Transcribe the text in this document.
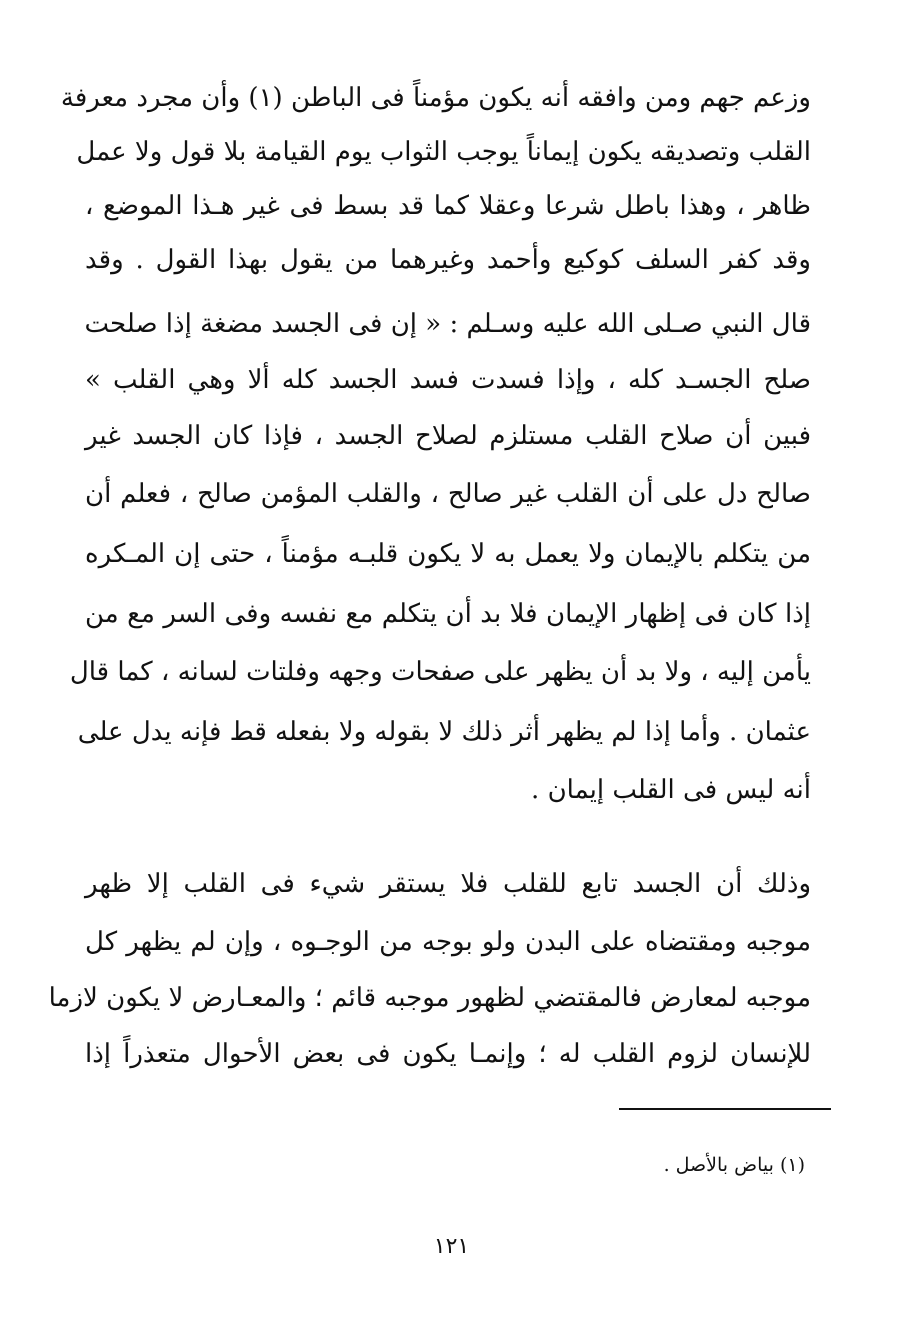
وزعم جهم ومن وافقه أنه يكون مؤمناً فى الباطن (١) وأن مجرد معرفة
القلب وتصديقه يكون إيماناً يوجب الثواب يوم القيامة بلا قول ولا عمل
ظاهر ، وهذا باطل شرعا وعقلا كما قد بسط فى غير هـذا الموضع ،
وقد كفر السلف كوكيع وأحمد وغيرهما من يقول بهذا القول . وقد
قال النبي صـلى الله عليه وسـلم : « إن فى الجسد مضغة إذا صلحت
صلح الجسـد كله ، وإذا فسدت فسد الجسد كله ألا وهي القلب »
فبين أن صلاح القلب مستلزم لصلاح الجسد ، فإذا كان الجسد غير
صالح دل على أن القلب غير صالح ، والقلب المؤمن صالح ، فعلم أن
من يتكلم بالإيمان ولا يعمل به لا يكون قلبـه مؤمناً ، حتى إن المـكره
إذا كان فى إظهار الإيمان فلا بد أن يتكلم مع نفسه وفى السر مع من
يأمن إليه ، ولا بد أن يظهر على صفحات وجهه وفلتات لسانه ، كما قال
عثمان . وأما إذا لم يظهر أثر ذلك لا بقوله ولا بفعله قط فإنه يدل على
أنه ليس فى القلب إيمان .
وذلك أن الجسد تابع للقلب فلا يستقر شيء فى القلب إلا ظهر
موجبه ومقتضاه على البدن ولو بوجه من الوجـوه ، وإن لم يظهر كل
موجبه لمعارض فالمقتضي لظهور موجبه قائم ؛ والمعـارض لا يكون لازما
للإنسان لزوم القلب له ؛ وإنمـا يكون فى بعض الأحوال متعذراً إذا
(١) بياض بالأصل .
١٢١
